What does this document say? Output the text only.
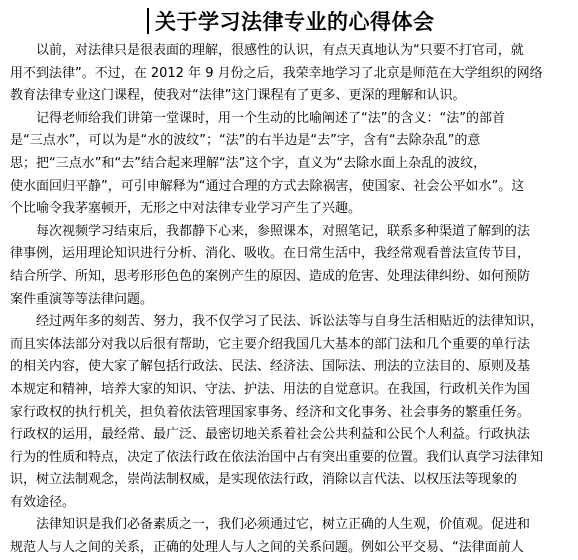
关于学习法律专业的心得体会

以前，对法律只是很表面的理解，很感性的认识，有点天真地认为“只要不打官司，就
用不到法律”。不过，在 2012 年 9 月份之后，我荣幸地学习了北京是师范在大学组织的网络
教育法律专业这门课程，使我对“法律”这门课程有了更多、更深的理解和认识。

记得老师给我们讲第一堂课时，用一个生动的比喻阐述了“法”的含义：“法”的部首
是“三点水”，可以为是“水的波纹”；“法”的右半边是“去”字，含有“去除杂乱”的意
思；把“三点水”和“去”结合起来理解“法”这个字，直义为“去除水面上杂乱的波纹，
使水面回归平静”，可引申解释为“通过合理的方式去除祸害，使国家、社会公平如水”。这
个比喻令我茅塞顿开，无形之中对法律专业学习产生了兴趣。

每次视频学习结束后，我都静下心来，参照课本，对照笔记，联系多种渠道了解到的法
律事例，运用理论知识进行分析、消化、吸收。在日常生活中，我经常观看普法宣传节目，
结合所学、所知，思考形形色色的案例产生的原因、造成的危害、处理法律纠纷、如何预防
案件重演等等法律问题。

经过两年多的刻苦、努力，我不仅学习了民法、诉讼法等与自身生活相贴近的法律知识，
而且实体法部分对我以后很有帮助，它主要介绍我国几大基本的部门法和几个重要的单行法
的相关内容，使大家了解包括行政法、民法、经济法、国际法、刑法的立法目的、原则及基
本规定和精神，培养大家的知识、守法、护法、用法的自觉意识。在我国，行政机关作为国
家行政权的执行机关，担负着依法管理国家事务、经济和文化事务、社会事务的繁重任务。
行政权的运用，最经常、最广泛、最密切地关系着社会公共利益和公民个人利益。行政执法
行为的性质和特点，决定了依法行政在依法治国中占有突出重要的位置。我们认真学习法律知
识，树立法制观念，崇尚法制权威，是实现依法行政，消除以言代法、以权压法等现象的
有效途径。

法律知识是我们必备素质之一，我们必须通过它，树立正确的人生观，价值观。促进和
规范人与人之间的关系，正确的处理人与人之间的关系问题。例如公平交易、“法律面前人
